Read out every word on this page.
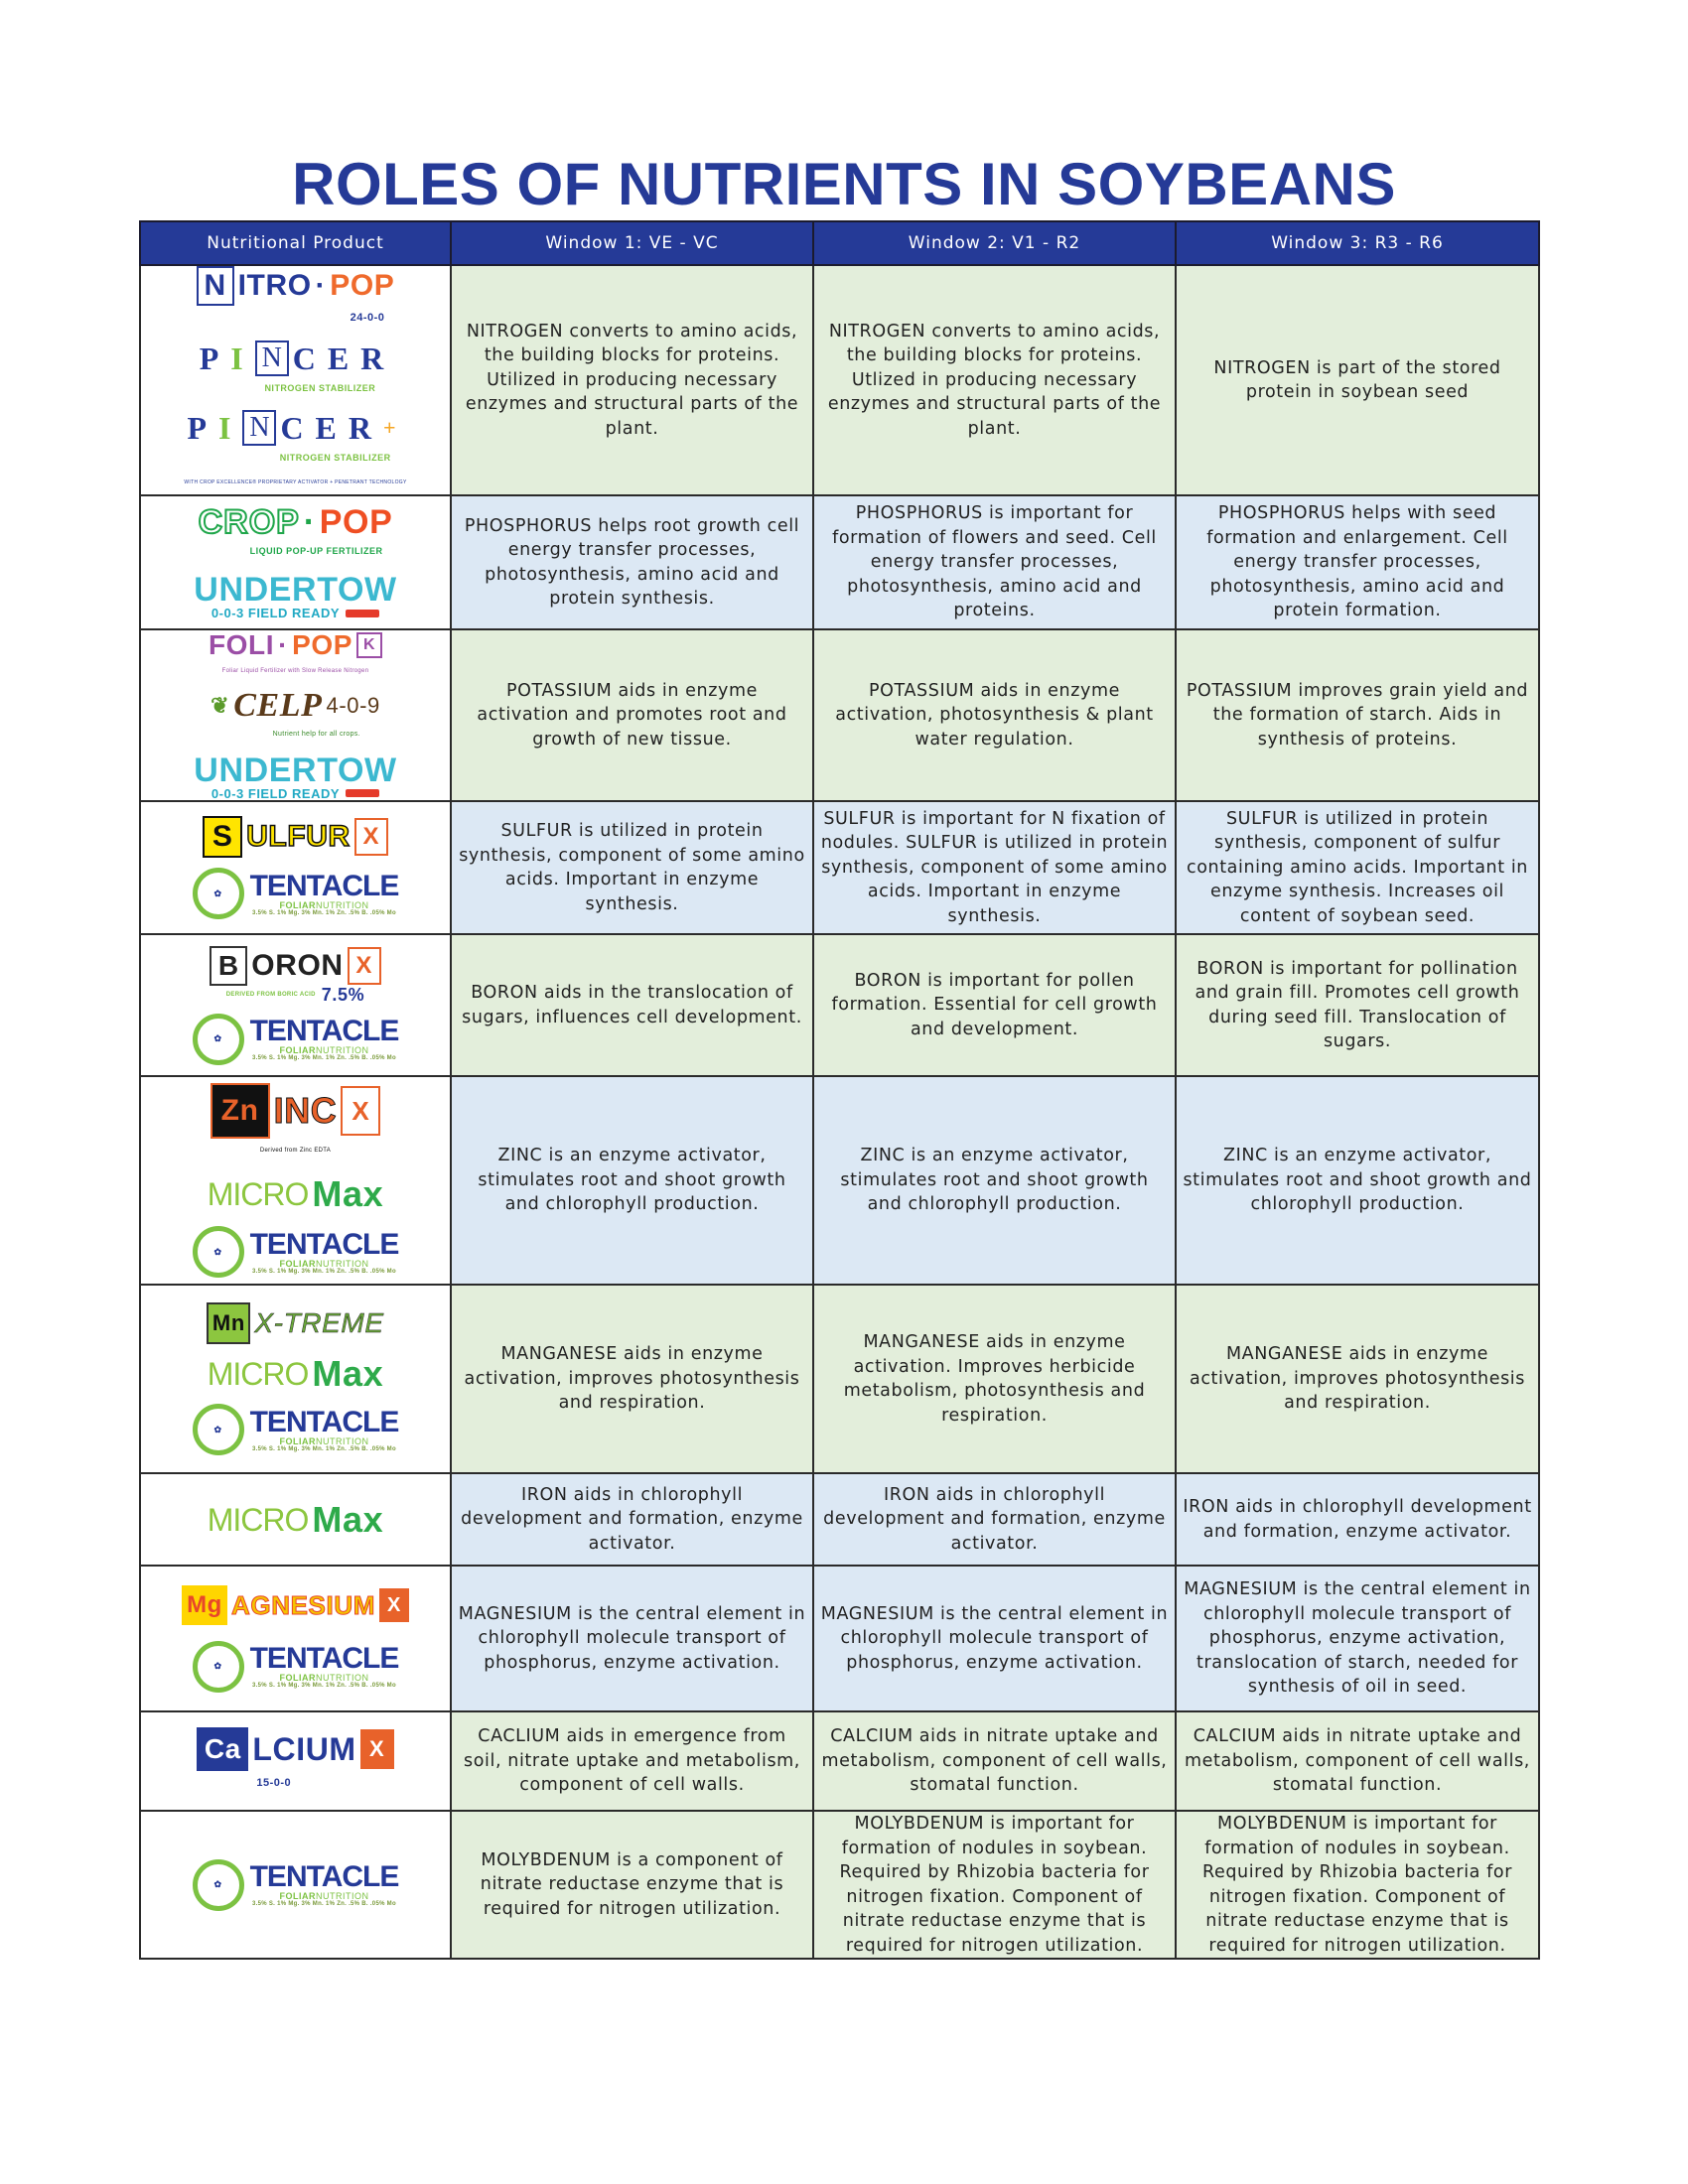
ROLES OF NUTRIENTS IN SOYBEANS
Nutritional Product	Window 1: VE - VC	Window 2: V1 - R2	Window 3: R3 - R6

N ITRO · POP
24-0-0
P I N C E R
NITROGEN STABILIZER
P I N C E R +
NITROGEN STABILIZER
WITH CROP EXCELLENCE® PROPRIETARY ACTIVATOR + PENETRANT TECHNOLOGY
	NITROGEN converts to amino acids, the building blocks for proteins. Utilized in producing necessary enzymes and structural parts of the plant.	NITROGEN converts to amino acids, the building blocks for proteins. Utlized in producing necessary enzymes and structural parts of the plant.	NITROGEN is part of the stored protein in soybean seed

CROP · POP
LIQUID POP-UP FERTILIZER
UNDERTOW
0-0-3 FIELD READY
	PHOSPHORUS helps root growth cell energy transfer processes, photosynthesis, amino acid and protein synthesis.	PHOSPHORUS is important for formation of flowers and seed. Cell energy transfer processes, photosynthesis, amino acid and proteins.	PHOSPHORUS helps with seed formation and enlargement. Cell energy transfer processes, photosynthesis, amino acid and protein formation.

FOLI · POP K
Foliar Liquid Fertilizer with Slow Release Nitrogen
❦ CELP 4-0-9
Nutrient help for all crops.
UNDERTOW
0-0-3 FIELD READY
	POTASSIUM aids in enzyme activation and promotes root and growth of new tissue.	POTASSIUM aids in enzyme activation, photosynthesis & plant water regulation.	POTASSIUM improves grain yield and the formation of starch. Aids in synthesis of proteins.

S ULFUR X
✿ TENTACLE
FOLIARNUTRITION
3.5% S. 1% Mg. 3% Mn. 1% Zn. .5% B. .05% Mo
	SULFUR is utilized in protein synthesis, component of some amino acids. Important in enzyme synthesis.	SULFUR is important for N fixation of nodules. SULFUR is utilized in protein synthesis, component of some amino acids. Important in enzyme synthesis.	SULFUR is utilized in protein synthesis, component of sulfur containing amino acids. Important in enzyme synthesis. Increases oil content of soybean seed.

B ORON X
DERIVED FROM BORIC ACID 7.5%
✿ TENTACLE
FOLIARNUTRITION
3.5% S. 1% Mg. 3% Mn. 1% Zn. .5% B. .05% Mo
	BORON aids in the translocation of sugars, influences cell development.	BORON is important for pollen formation. Essential for cell growth and development.	BORON is important for pollination and grain fill. Promotes cell growth during seed fill. Translocation of sugars.

Zn INC X
Derived from Zinc EDTA
MICRO Max
✿ TENTACLE
FOLIARNUTRITION
3.5% S. 1% Mg. 3% Mn. 1% Zn. .5% B. .05% Mo
	ZINC is an enzyme activator, stimulates root and shoot growth and chlorophyll production.	ZINC is an enzyme activator, stimulates root and shoot growth and chlorophyll production.	ZINC is an enzyme activator, stimulates root and shoot growth and chlorophyll production.

Mn X-TREME
MICRO Max
✿ TENTACLE
FOLIARNUTRITION
3.5% S. 1% Mg. 3% Mn. 1% Zn. .5% B. .05% Mo
	MANGANESE aids in enzyme activation, improves photosynthesis and respiration.	MANGANESE aids in enzyme activation. Improves herbicide metabolism, photosynthesis and respiration.	MANGANESE aids in enzyme activation, improves photosynthesis and respiration.

MICRO Max	IRON aids in chlorophyll development and formation, enzyme activator.	IRON aids in chlorophyll development and formation, enzyme activator.	IRON aids in chlorophyll development and formation, enzyme activator.

Mg AGNESIUM X
✿ TENTACLE
FOLIARNUTRITION
3.5% S. 1% Mg. 3% Mn. 1% Zn. .5% B. .05% Mo
	MAGNESIUM is the central element in chlorophyll molecule transport of phosphorus, enzyme activation.	MAGNESIUM is the central element in chlorophyll molecule transport of phosphorus, enzyme activation.	MAGNESIUM is the central element in chlorophyll molecule transport of phosphorus, enzyme activation, translocation of starch, needed for synthesis of oil in seed.

Ca LCIUM X
15-0-0	CACLIUM aids in emergence from soil, nitrate uptake and metabolism, component of cell walls.	CALCIUM aids in nitrate uptake and metabolism, component of cell walls, stomatal function.	CALCIUM aids in nitrate uptake and metabolism, component of cell walls, stomatal function.

✿ TENTACLE
FOLIARNUTRITION
3.5% S. 1% Mg. 3% Mn. 1% Zn. .5% B. .05% Mo	MOLYBDENUM is a component of nitrate reductase enzyme that is required for nitrogen utilization.	MOLYBDENUM is important for formation of nodules in soybean. Required by Rhizobia bacteria for nitrogen fixation. Component of nitrate reductase enzyme that is required for nitrogen utilization.	MOLYBDENUM is important for formation of nodules in soybean. Required by Rhizobia bacteria for nitrogen fixation. Component of nitrate reductase enzyme that is required for nitrogen utilization.
